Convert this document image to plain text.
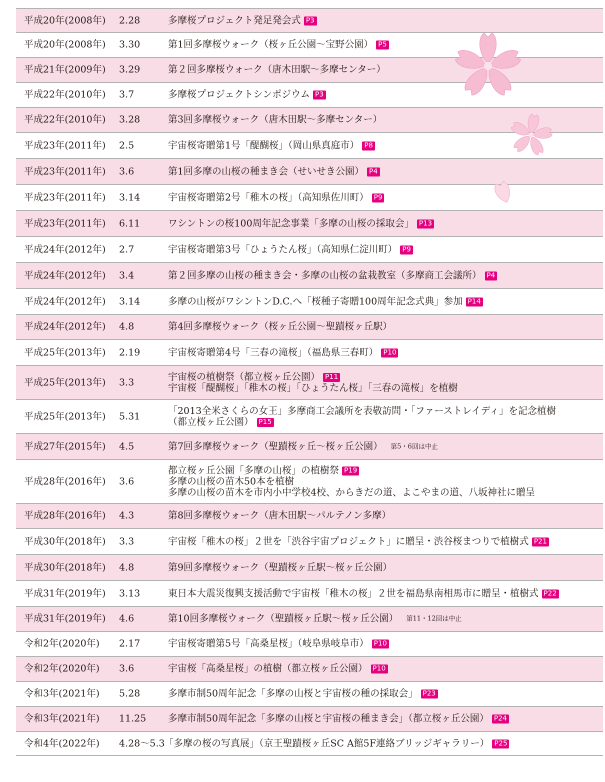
平成20年(2008年) 2.28	多摩桜プロジェクト発足発会式 P3
平成20年(2008年) 3.30	第1回多摩桜ウォーク（桜ヶ丘公園～宝野公園） P5
平成21年(2009年) 3.29	第２回多摩桜ウォーク（唐木田駅～多摩センター）
平成22年(2010年) 3.7	多摩桜プロジェクトシンポジウム P3
平成22年(2010年) 3.28	第3回多摩桜ウォーク（唐木田駅～多摩センター）
平成23年(2011年) 2.5	宇宙桜寄贈第1号「醍醐桜」（岡山県真庭市） P8
平成23年(2011年) 3.6	第1回多摩の山桜の種まき会（せいせき公園） P4
平成23年(2011年) 3.14	宇宙桜寄贈第2号「稚木の桜」（高知県佐川町） P9
平成23年(2011年) 6.11	ワシントンの桜100周年記念事業「多摩の山桜の採取会」 P13
平成24年(2012年) 2.7	宇宙桜寄贈第3号「ひょうたん桜」（高知県仁淀川町） P9
平成24年(2012年) 3.4	第２回多摩の山桜の種まき会・多摩の山桜の盆栽教室（多摩商工会議所） P4
平成24年(2012年) 3.14	多摩の山桜がワシントンD.C.へ「桜種子寄贈100周年記念式典」参加 P14
平成24年(2012年) 4.8	第4回多摩桜ウォーク（桜ヶ丘公園～聖蹟桜ヶ丘駅）
平成25年(2013年) 2.19	宇宙桜寄贈第4号「三春の滝桜」（福島県三春町） P10
平成25年(2013年) 3.3	宇宙桜の植樹祭（都立桜ヶ丘公園） P11
宇宙桜「醍醐桜」「稚木の桜」「ひょうたん桜」「三春の滝桜」を植樹
平成25年(2013年) 5.31	「2013全米さくらの女王」多摩商工会議所を表敬訪問・「ファーストレイディ」を記念植樹
（都立桜ヶ丘公園） P15
平成27年(2015年) 4.5	第7回多摩桜ウォーク（聖蹟桜ヶ丘～桜ヶ丘公園） 第5・6回は中止
平成28年(2016年) 3.6
都立桜ヶ丘公園「多摩の山桜」の植樹祭 P19
多摩の山桜の苗木50本を植樹
多摩の山桜の苗木を市内小中学校4校、からきだの道、よこやまの道、八坂神社に贈呈
平成28年(2016年) 4.3	第8回多摩桜ウォーク（唐木田駅～パルテノン多摩）
平成30年(2018年) 3.3	宇宙桜「稚木の桜」２世を「渋谷宇宙プロジェクト」に贈呈・渋谷桜まつりで植樹式 P21
平成30年(2018年) 4.8	第9回多摩桜ウォーク（聖蹟桜ヶ丘駅～桜ヶ丘公園）
平成31年(2019年) 3.13	東日本大震災復興支援活動で宇宙桜「稚木の桜」２世を福島県南相馬市に贈呈・植樹式 P22
平成31年(2019年) 4.6	第10回多摩桜ウォーク（聖蹟桜ヶ丘駅～桜ヶ丘公園） 第11・12回は中止
令和2年(2020年) 2.17	宇宙桜寄贈第5号「高桑星桜」（岐阜県岐阜市） P10
令和2年(2020年) 3.6	宇宙桜「高桑星桜」の植樹（都立桜ヶ丘公園） P10
令和3年(2021年) 5.28	多摩市制50周年記念「多摩の山桜と宇宙桜の種の採取会」 P23
令和3年(2021年) 11.25 多摩市制50周年記念「多摩の山桜と宇宙桜の種まき会」（都立桜ヶ丘公園） P24
令和4年(2022年) 4.28～5.3 「多摩の桜の写真展」（京王聖蹟桜ヶ丘SC A館5F連絡ブリッジギャラリー） P25
